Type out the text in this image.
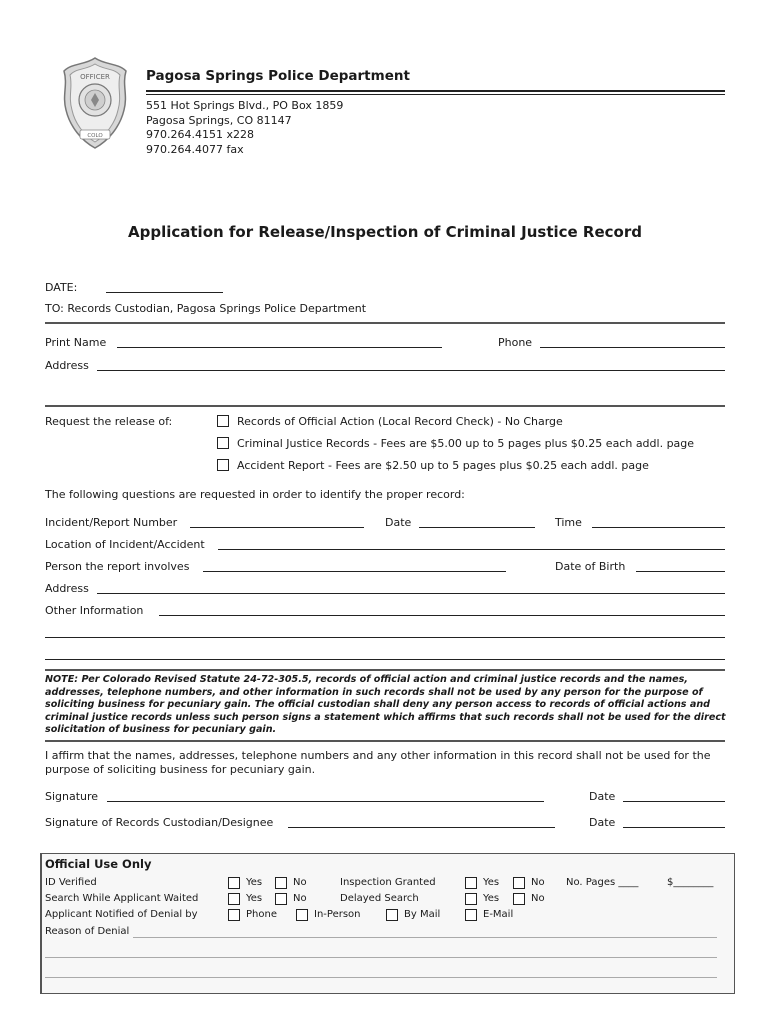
OFFICER
COLO
Pagosa Springs Police Department
551 Hot Springs Blvd., PO Box 1859
Pagosa Springs, CO 81147
970.264.4151 x228
970.264.4077 fax
Application for Release/Inspection of Criminal Justice Record
DATE:
TO: Records Custodian, Pagosa Springs Police Department
Print Name	Phone
Address
Request the release of:	Records of Official Action (Local Record Check) - No Charge
Criminal Justice Records - Fees are $5.00 up to 5 pages plus $0.25 each addl. page
Accident Report - Fees are $2.50 up to 5 pages plus $0.25 each addl. page
The following questions are requested in order to identify the proper record:
Incident/Report Number	Date	Time
Location of Incident/Accident
Person the report involves	Date of Birth
Address
Other Information
NOTE: Per Colorado Revised Statute 24-72-305.5, records of official action and criminal justice records and the names, addresses, telephone numbers, and other information in such records shall not be used by any person for the purpose of soliciting business for pecuniary gain. The official custodian shall deny any person access to records of official actions and criminal justice records unless such person signs a statement which affirms that such records shall not be used for the direct solicitation of business for pecuniary gain.
I affirm that the names, addresses, telephone numbers and any other information in this record shall not be used for the purpose of soliciting business for pecuniary gain.
Signature	Date
Signature of Records Custodian/Designee	Date
Official Use Only
ID Verified	Yes	No	Inspection Granted	Yes	No No. Pages ____	$________
Search While Applicant Waited	Yes	No	Delayed Search	Yes	No
Applicant Notified of Denial by	Phone	In-Person	By Mail	E-Mail
Reason of Denial
